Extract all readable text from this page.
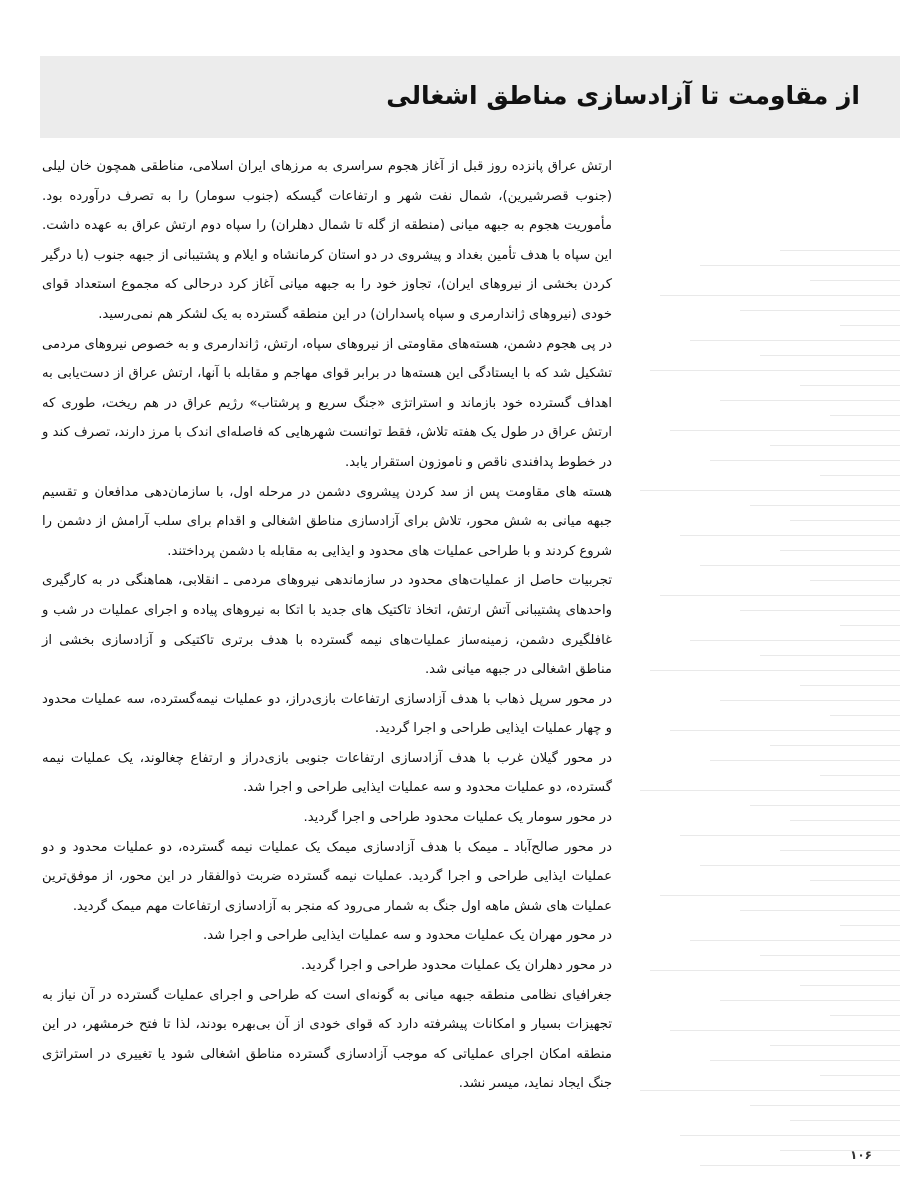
از مقاومت تا آزادسازی مناطق اشغالی

ارتش عراق پانزده روز قبل از آغاز هجوم سراسری به مرزهای ایران اسلامی، مناطقی همچون خان لیلی (جنوب قصرشیرین)، شمال نفت شهر و ارتفاعات گیسکه (جنوب سومار) را به تصرف درآورده بود. مأموریت هجوم به جبهه میانی (منطقه از گله تا شمال دهلران) را سپاه دوم ارتش عراق به عهده داشت. این سپاه با هدف تأمین بغداد و پیشروی در دو استان کرمانشاه و ایلام و پشتیبانی از جبهه جنوب (با درگیر کردن بخشی از نیروهای ایران)، تجاوز خود را به جبهه میانی آغاز کرد درحالی که مجموع استعداد قوای خودی (نیروهای ژاندارمری و سپاه پاسداران) در این منطقه گسترده به یک لشکر هم نمی‌رسید.

در پی هجوم دشمن، هسته‌های مقاومتی از نیروهای سپاه، ارتش، ژاندارمری و به خصوص نیروهای مردمی تشکیل شد که با ایستادگی این هسته‌ها در برابر قوای مهاجم و مقابله با آنها، ارتش عراق از دست‌یابی به اهداف گسترده خود بازماند و استراتژی «جنگ سریع و پرشتاب» رژیم عراق در هم ریخت، طوری که ارتش عراق در طول یک هفته تلاش، فقط توانست شهرهایی که فاصله‌ای اندک با مرز دارند، تصرف کند و در خطوط پدافندی ناقص و ناموزون استقرار یابد.

هسته های مقاومت پس از سد کردن پیشروی دشمن در مرحله اول، با سازمان‌دهی مدافعان و تقسیم جبهه میانی به شش محور، تلاش برای آزادسازی مناطق اشغالی و اقدام برای سلب آرامش از دشمن را شروع کردند و با طراحی عملیات های محدود و ایذایی به مقابله با دشمن پرداختند.

تجربیات حاصل از عملیات‌های محدود در سازماندهی نیروهای مردمی ـ انقلابی، هماهنگی در به کارگیری واحدهای پشتیبانی آتش ارتش، اتخاذ تاکتیک های جدید با اتکا به نیروهای پیاده و اجرای عملیات در شب و غافلگیری دشمن، زمینه‌ساز عملیات‌های نیمه گسترده با هدف برتری تاکتیکی و آزادسازی بخشی از مناطق اشغالی در جبهه میانی شد.

در محور سرپل ذهاب با هدف آزادسازی ارتفاعات بازی‌دراز، دو عملیات نیمه‌گسترده، سه عملیات محدود و چهار عملیات ایذایی طراحی و اجرا گردید.

در محور گیلان غرب با هدف آزادسازی ارتفاعات جنوبی بازی‌دراز و ارتفاع چغالوند، یک عملیات نیمه گسترده، دو عملیات محدود و سه عملیات ایذایی طراحی و اجرا شد.

در محور سومار یک عملیات محدود طراحی و اجرا گردید.

در محور صالح‌آباد ـ میمک با هدف آزادسازی میمک یک عملیات نیمه گسترده، دو عملیات محدود و دو عملیات ایذایی طراحی و اجرا گردید. عملیات نیمه گسترده ضربت ذوالفقار در این محور، از موفق‌ترین عملیات های شش ماهه اول جنگ به شمار می‌رود که منجر به آزادسازی ارتفاعات مهم میمک گردید.

در محور مهران یک عملیات محدود و سه عملیات ایذایی طراحی و اجرا شد.

در محور دهلران یک عملیات محدود طراحی و اجرا گردید.

جغرافیای نظامی منطقه جبهه میانی به گونه‌ای است که طراحی و اجرای عملیات گسترده در آن نیاز به تجهیزات بسیار و امکانات پیشرفته دارد که قوای خودی از آن بی‌بهره بودند، لذا تا فتح خرمشهر، در این منطقه امکان اجرای عملیاتی که موجب آزادسازی گسترده مناطق اشغالی شود یا تغییری در استراتژی جنگ ایجاد نماید، میسر نشد.

۱۰۶
